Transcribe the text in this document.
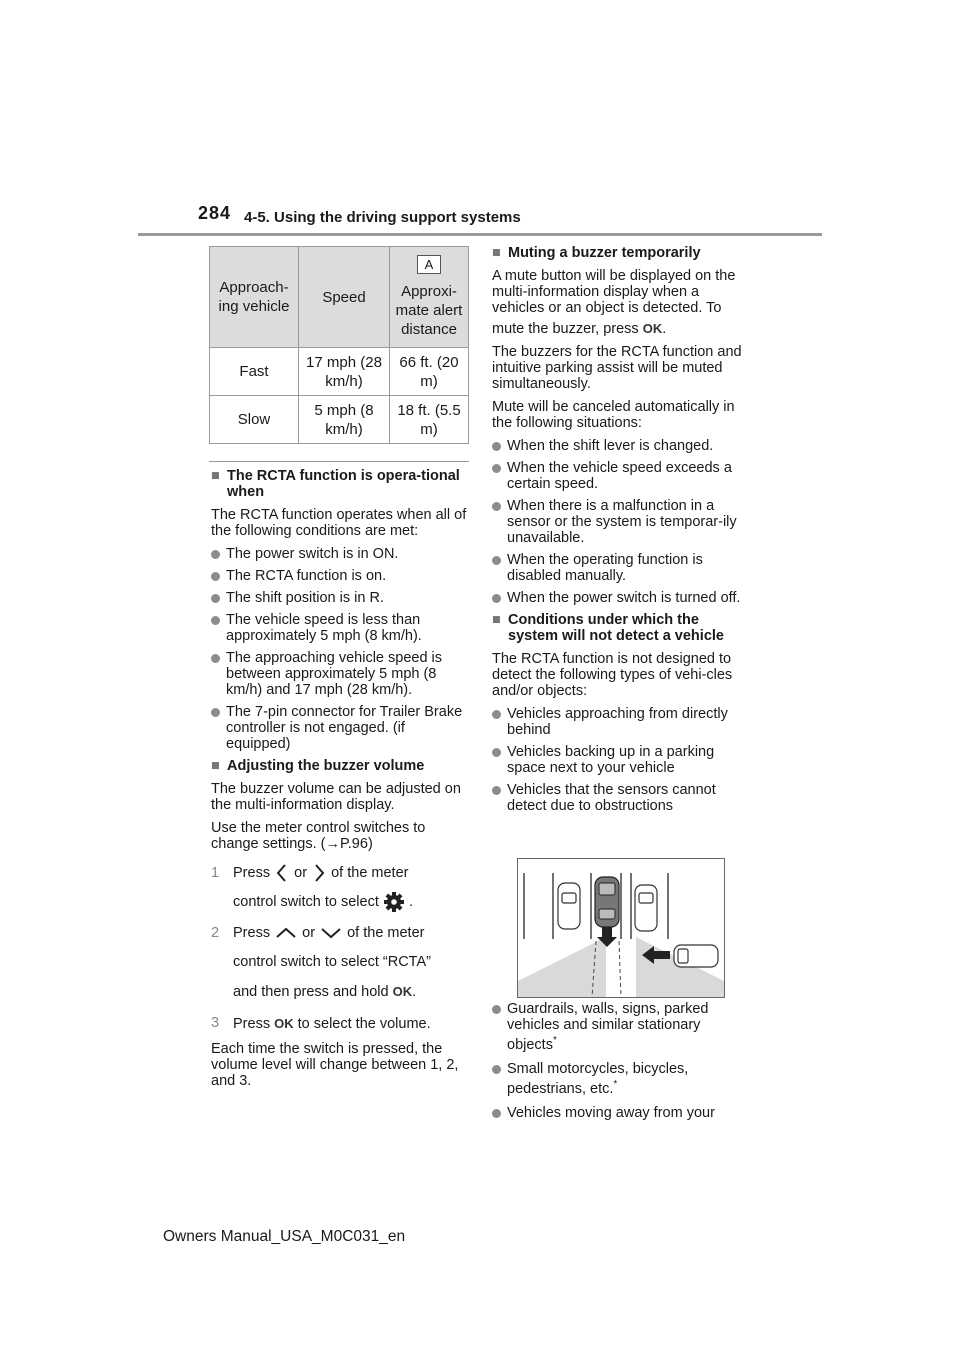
284 4-5. Using the driving support systems
Approach-ing vehicle	Speed	A
Approxi-mate alert distance
Fast	17 mph (28 km/h)	66 ft. (20 m)
Slow	5 mph (8 km/h)	18 ft. (5.5 m)

■ The RCTA function is opera-tional when

The RCTA function operates when all of the following conditions are met:

The power switch is in ON.

The RCTA function is on.

The shift position is in R.

The vehicle speed is less than approximately 5 mph (8 km/h).

The approaching vehicle speed is between approximately 5 mph (8 km/h) and 17 mph (28 km/h).

The 7-pin connector for Trailer Brake controller is not engaged. (if equipped)

■ Adjusting the buzzer volume

The buzzer volume can be adjusted on the multi-information display.

Use the meter control switches to change settings. (→P.96)

1 Press or of the meter
control switch to select .
2 Press or of the meter
control switch to select “RCTA”
and then press and hold OK.
3 Press OK to select the volume.

Each time the switch is pressed, the volume level will change between 1, 2, and 3.

■ Muting a buzzer temporarily

A mute button will be displayed on the multi-information display when a vehicles or an object is detected. To

mute the buzzer, press OK.

The buzzers for the RCTA function and intuitive parking assist will be muted simultaneously.

Mute will be canceled automatically in the following situations:

When the shift lever is changed.

When the vehicle speed exceeds a certain speed.

When there is a malfunction in a sensor or the system is temporar-ily unavailable.

When the operating function is disabled manually.

When the power switch is turned off.

■ Conditions under which the system will not detect a vehicle

The RCTA function is not designed to detect the following types of vehi-cles and/or objects:

Vehicles approaching from directly behind

Vehicles backing up in a parking space next to your vehicle

Vehicles that the sensors cannot detect due to obstructions

Guardrails, walls, signs, parked vehicles and similar stationary objects*

Small motorcycles, bicycles, pedestrians, etc.*

Vehicles moving away from your

Owners Manual_USA_M0C031_en
